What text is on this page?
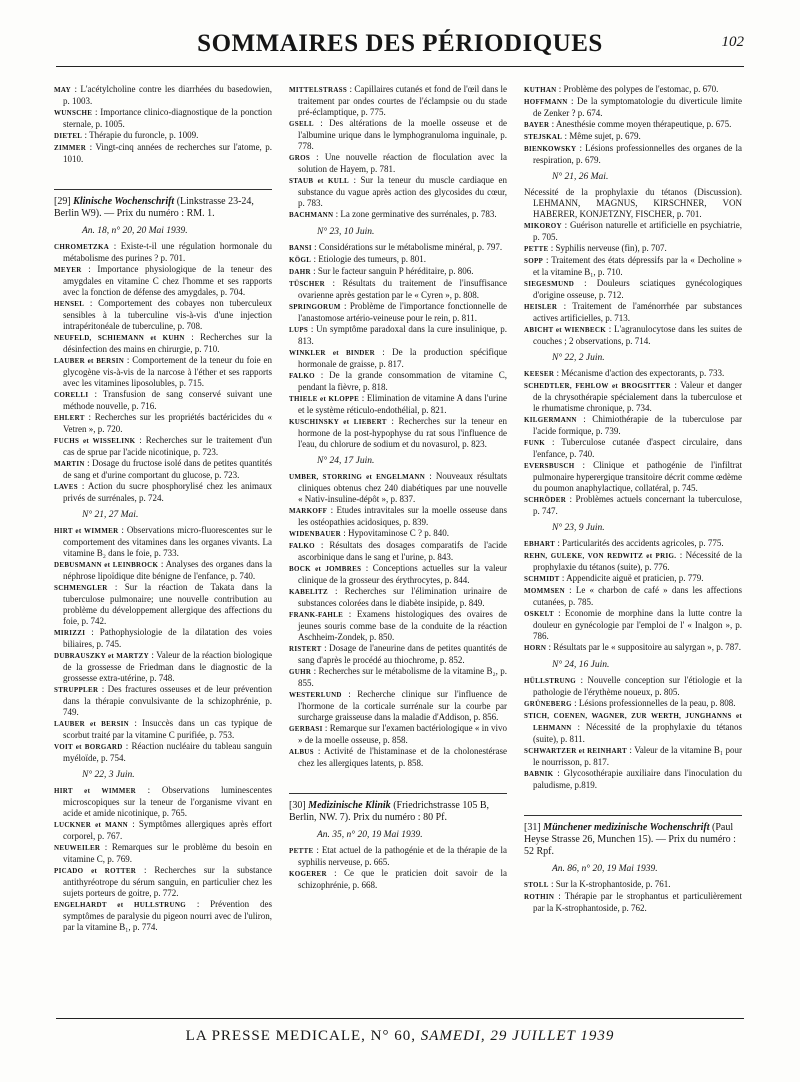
SOMMAIRES DES PÉRIODIQUES	102

MAY : L'acétylcholine contre les diarrhées du basedowien, p. 1003.

WUNSCHE : Importance clinico-diagnostique de la ponction sternale, p. 1005.

DIETEL : Thérapie du furoncle, p. 1009.

ZIMMER : Vingt-cinq années de recherches sur l'atome, p. 1010.

[29] Klinische Wochenschrift (Linkstrasse 23-24, Berlin W9). — Prix du numéro : RM. 1.

An. 18, n° 20, 20 Mai 1939.

CHROMETZKA : Existe-t-il une régulation hormonale du métabolisme des purines ? p. 701.

MEYER : Importance physiologique de la teneur des amygdales en vitamine C chez l'homme et ses rapports avec la fonction de défense des amygdales, p. 704.

HENSEL : Comportement des cobayes non tuberculeux sensibles à la tuberculine vis-à-vis d'une injection intrapéritonéale de tuberculine, p. 708.

NEUFELD, SCHIEMANN et KUHN : Recherches sur la désinfection des mains en chirurgie, p. 710.

LAUBER et BERSIN : Comportement de la teneur du foie en glycogène vis-à-vis de la narcose à l'éther et ses rapports avec les vitamines liposolubles, p. 715.

CORELLI : Transfusion de sang conservé suivant une méthode nouvelle, p. 716.

EHLERT : Recherches sur les propriétés bactéricides du « Vetren », p. 720.

FUCHS et WISSELINK : Recherches sur le traitement d'un cas de sprue par l'acide nicotinique, p. 723.

MARTIN : Dosage du fructose isolé dans de petites quantités de sang et d'urine comportant du glucose, p. 723.

LAVES : Action du sucre phosphorylisé chez les animaux privés de surrénales, p. 724.

N° 21, 27 Mai.

HIRT et WIMMER : Observations micro-fluorescentes sur le comportement des vitamines dans les organes vivants. La vitamine B₂ dans le foie, p. 733.

DEBUSMANN et LEINBROCK : Analyses des organes dans la néphrose lipoïdique dite bénigne de l'enfance, p. 740.

SCHMENGLER : Sur la réaction de Takata dans la tuberculose pulmonaire; une nouvelle contribution au problème du développement allergique des affections du foie, p. 742.

MIRIZZI : Pathophysiologie de la dilatation des voies biliaires, p. 745.

DUBRAUSZKY et MARTZY : Valeur de la réaction biologique de la grossesse de Friedman dans le diagnostic de la grossesse extra-utérine, p. 748.

STRUPPLER : Des fractures osseuses et de leur prévention dans la thérapie convulsivante de la schizophrénie, p. 749.

LAUBER et BERSIN : Insuccès dans un cas typique de scorbut traité par la vitamine C purifiée, p. 753.

VOIT et BORGARD : Réaction nucléaire du tableau sanguin myéloïde, p. 754.

N° 22, 3 Juin.

HIRT et WIMMER : Observations luminescentes microscopiques sur la teneur de l'organisme vivant en acide et amide nicotinique, p. 765.

LUCKNER et MANN : Symptômes allergiques après effort corporel, p. 767.

NEUWEILER : Remarques sur le problème du besoin en vitamine C, p. 769.

PICADO et ROTTER : Recherches sur la substance antithyréotrope du sérum sanguin, en particulier chez les sujets porteurs de goitre, p. 772.

ENGELHARDT et HULLSTRUNG : Prévention des symptômes de paralysie du pigeon nourri avec de l'uliron, par la vitamine B₁, p. 774.

MITTELSTRASS : Capillaires cutanés et fond de l'œil dans le traitement par ondes courtes de l'éclampsie ou du stade pré-éclamptique, p. 775.

GSELL : Des altérations de la moelle osseuse et de l'albumine urique dans le lymphogranuloma inguinale, p. 778.

GROS : Une nouvelle réaction de floculation avec la solution de Hayem, p. 781.

STAUB et KULL : Sur la teneur du muscle cardiaque en substance du vague après action des glycosides du cœur, p. 783.

BACHMANN : La zone germinative des surrénales, p. 783.

N° 23, 10 Juin.

BANSI : Considérations sur le métabolisme minéral, p. 797.

KÖGL : Etiologie des tumeurs, p. 801.

DAHR : Sur le facteur sanguin P héréditaire, p. 806.

TÜSCHER : Résultats du traitement de l'insuffisance ovarienne après gestation par le « Cyren », p. 808.

SPRINGORUM : Problème de l'importance fonctionnelle de l'anastomose artério-veineuse pour le rein, p. 811.

LUPS : Un symptôme paradoxal dans la cure insulinique, p. 813.

WINKLER et BINDER : De la production spécifique hormonale de graisse, p. 817.

FALKO : De la grande consommation de vitamine C, pendant la fièvre, p. 818.

THIELE et KLOPPE : Elimination de vitamine A dans l'urine et le système réticulo-endothélial, p. 821.

KUSCHINSKY et LIEBERT : Recherches sur la teneur en hormone de la post-hypophyse du rat sous l'influence de l'eau, du chlorure de sodium et du novasurol, p. 823.

N° 24, 17 Juin.

UMBER, STORRING et ENGELMANN : Nouveaux résultats cliniques obtenus chez 240 diabétiques par une nouvelle « Nativ-insuline-dépôt », p. 837.

MARKOFF : Etudes intravitales sur la moelle osseuse dans les ostéopathies acidosiques, p. 839.

WIDENBAUER : Hypovitaminose C ? p. 840.

FALKO : Résultats des dosages comparatifs de l'acide ascorbinique dans le sang et l'urine, p. 843.

BOCK et JOMBRES : Conceptions actuelles sur la valeur clinique de la grosseur des érythrocytes, p. 844.

KABELITZ : Recherches sur l'élimination urinaire de substances colorées dans le diabète insipide, p. 849.

FRANK-FAHLE : Examens histologiques des ovaires de jeunes souris comme base de la conduite de la réaction Aschheim-Zondek, p. 850.

RISTERT : Dosage de l'aneurine dans de petites quantités de sang d'après le procédé au thiochrome, p. 852.

GUHR : Recherches sur le métabolisme de la vitamine B₂, p. 855.

WESTERLUND : Recherche clinique sur l'influence de l'hormone de la corticale surrénale sur la courbe par surcharge graisseuse dans la maladie d'Addison, p. 856.

GERBASI : Remarque sur l'examen bactériologique « in vivo » de la moelle osseuse, p. 858.

ALBUS : Activité de l'histaminase et de la cholonestérase chez les allergiques latents, p. 858.

[30] Medizinische Klinik (Friedrichstrasse 105 B, Berlin, NW. 7). Prix du numéro : 80 Pf.

An. 35, n° 20, 19 Mai 1939.

PETTE : Etat actuel de la pathogénie et de la thérapie de la syphilis nerveuse, p. 665.

KOGERER : Ce que le praticien doit savoir de la schizophrénie, p. 668.

KUTHAN : Problème des polypes de l'estomac, p. 670.

HOFFMANN : De la symptomatologie du diverticule limite de Zenker ? p. 674.

BAYER : Anesthésie comme moyen thérapeutique, p. 675.

STEJSKAL : Même sujet, p. 679.

BIENKOWSKY : Lésions professionnelles des organes de la respiration, p. 679.

N° 21, 26 Mai.

Nécessité de la prophylaxie du tétanos (Discussion). LEHMANN, MAGNUS, KIRSCHNER, VON HABERER, KONJETZNY, FISCHER, p. 701.

MIKOROY : Guérison naturelle et artificielle en psychiatrie, p. 705.

PETTE : Syphilis nerveuse (fin), p. 707.

SOPP : Traitement des états dépressifs par la « Decholine » et la vitamine B₁, p. 710.

SIEGESMUND : Douleurs sciatiques gynécologiques d'origine osseuse, p. 712.

HEISLER : Traitement de l'aménorrhée par substances actives artificielles, p. 713.

ABICHT et WIENBECK : L'agranulocytose dans les suites de couches ; 2 observations, p. 714.

N° 22, 2 Juin.

KEESER : Mécanisme d'action des expectorants, p. 733.

SCHEDTLER, FEHLOW et BROGSITTER : Valeur et danger de la chrysothérapie spécialement dans la tuberculose et le rhumatisme chronique, p. 734.

KILGERMANN : Chimiothérapie de la tuberculose par l'acide formique, p. 739.

FUNK : Tuberculose cutanée d'aspect circulaire, dans l'enfance, p. 740.

EVERSBUSCH : Clinique et pathogénie de l'infiltrat pulmonaire hyperergique transitoire décrit comme œdème du poumon anaphylactique, collatéral, p. 745.

SCHRÖDER : Problèmes actuels concernant la tuberculose, p. 747.

N° 23, 9 Juin.

EBHART : Particularités des accidents agricoles, p. 775.

REHN, GULEKE, VON REDWITZ et PRIG. : Nécessité de la prophylaxie du tétanos (suite), p. 776.

SCHMIDT : Appendicite aiguë et praticien, p. 779.

MOMMSEN : Le « charbon de café » dans les affections cutanées, p. 785.

OSKELT : Economie de morphine dans la lutte contre la douleur en gynécologie par l'emploi de l' « Inalgon », p. 786.

HORN : Résultats par le « suppositoire au salyrgan », p. 787.

N° 24, 16 Juin.

HÜLLSTRUNG : Nouvelle conception sur l'étiologie et la pathologie de l'érythème noueux, p. 805.

GRÜNEBERG : Lésions professionnelles de la peau, p. 808.

STICH, COENEN, WAGNER, ZUR WERTH, JUNGHANNS et LEHMANN : Nécessité de la prophylaxie du tétanos (suite), p. 811.

SCHWARTZER et REINHART : Valeur de la vitamine B₁ pour le nourrisson, p. 817.

BABNIK : Glycosothérapie auxiliaire dans l'inoculation du paludisme, p.819.

[31] Münchener medizinische Wochenschrift (Paul Heyse Strasse 26, Munchen 15). — Prix du numéro : 52 Rpf.

An. 86, n° 20, 19 Mai 1939.

STOLL : Sur la K-strophantoside, p. 761.

ROTHIN : Thérapie par le strophantus et particulièrement par la K-strophantoside, p. 762.

LA PRESSE MEDICALE, N° 60, SAMEDI, 29 JUILLET 1939
